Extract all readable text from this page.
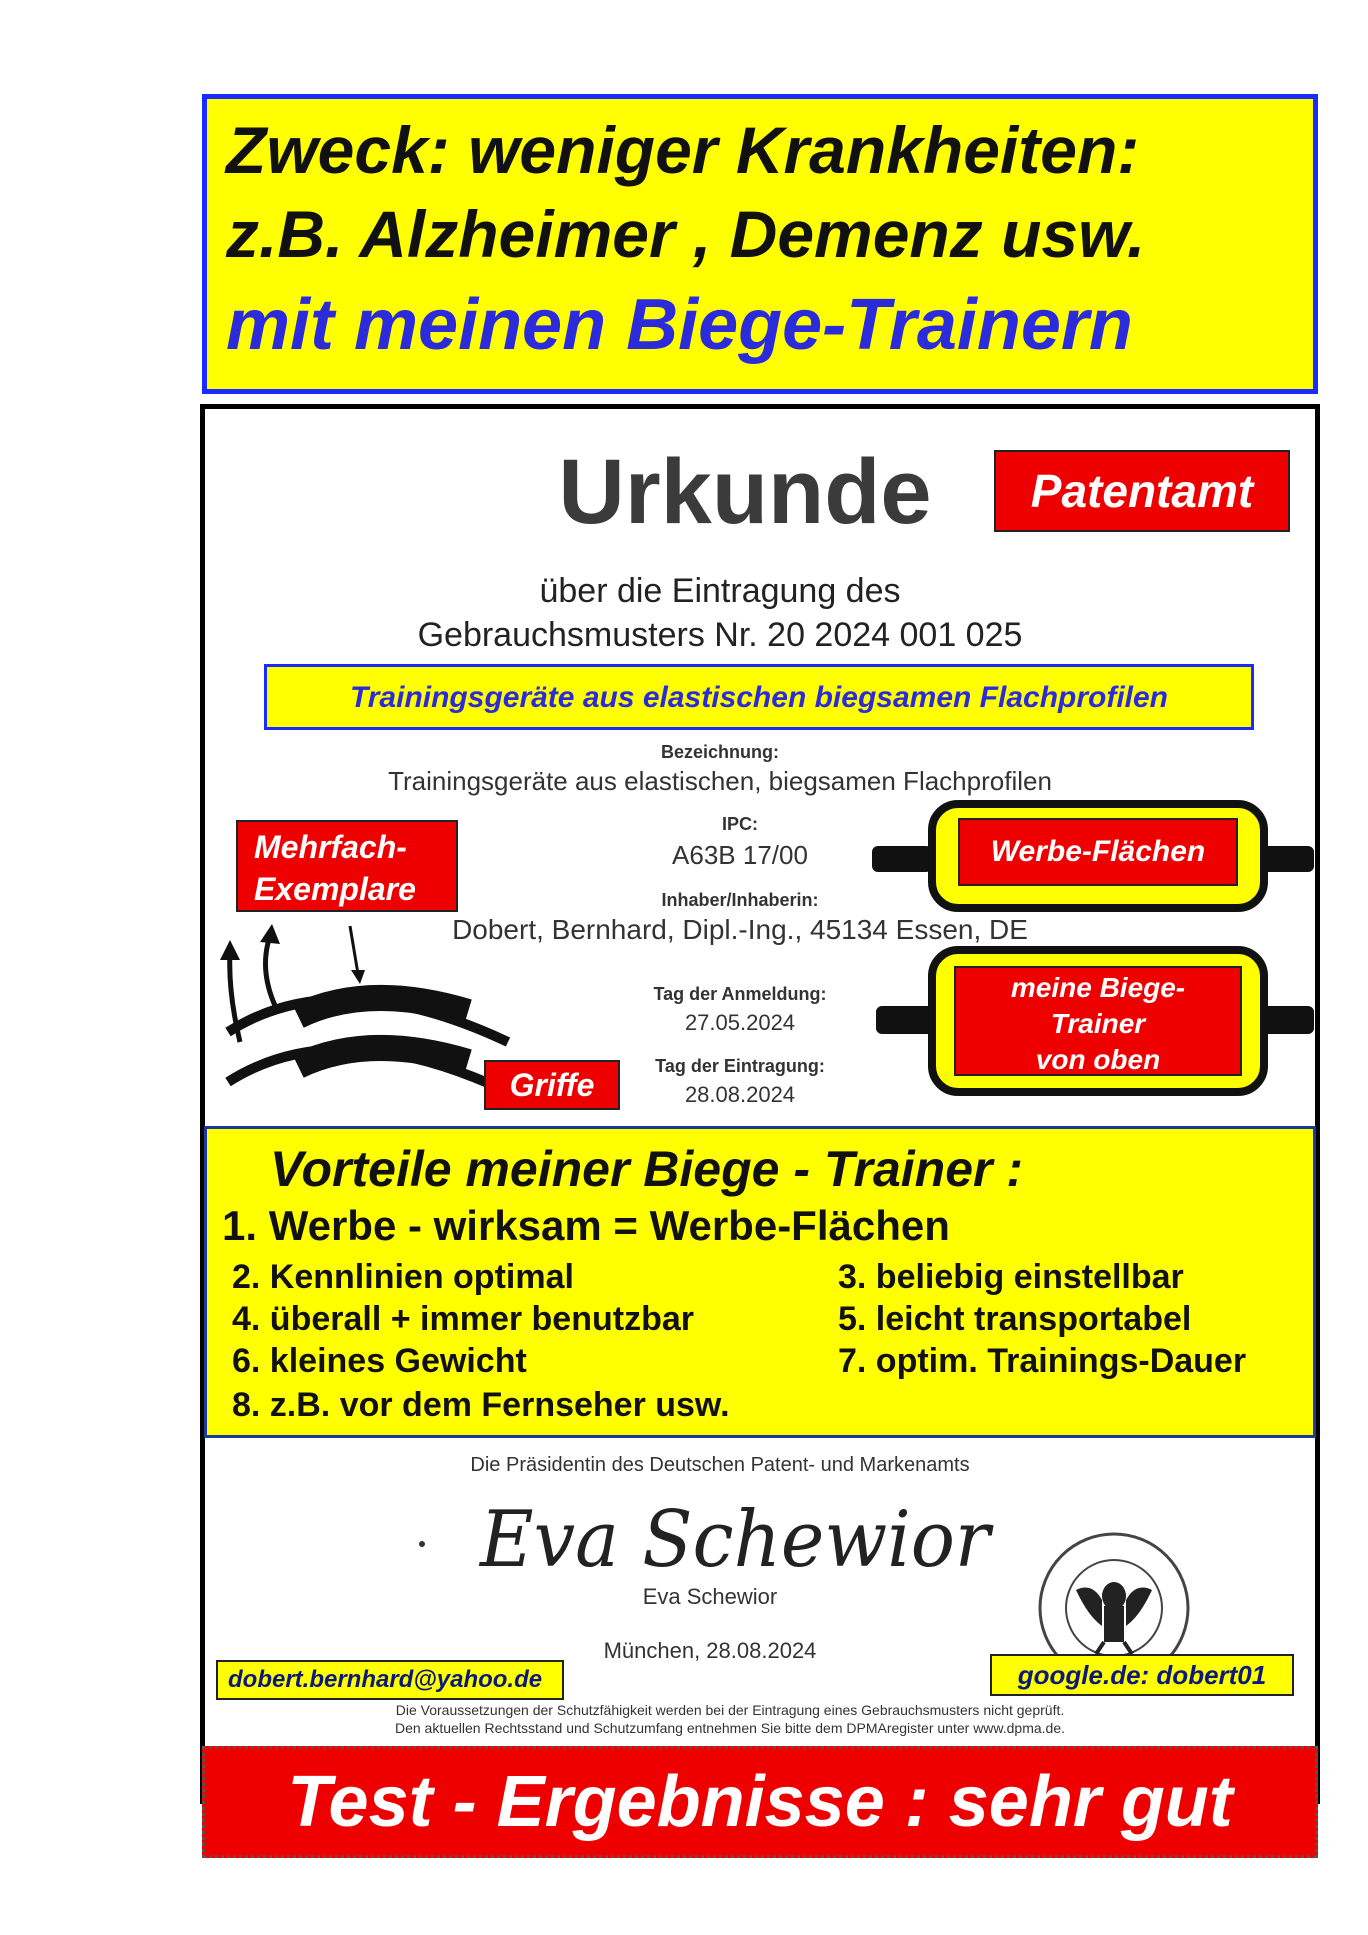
Zweck: weniger Krankheiten:
z.B. Alzheimer , Demenz usw.
mit meinen Biege-Trainern
Urkunde	Patentamt
über die Eintragung des
Gebrauchsmusters Nr. 20 2024 001 025
Trainingsgeräte aus elastischen biegsamen Flachprofilen
Bezeichnung:
Trainingsgeräte aus elastischen, biegsamen Flachprofilen
IPC:
A63B 17/00
Inhaber/Inhaberin:
Dobert, Bernhard, Dipl.-Ing., 45134 Essen, DE
Tag der Anmeldung:
27.05.2024
Tag der Eintragung:
28.08.2024
Mehrfach-
Exemplare
Griffe
Werbe-Flächen
meine Biege-
Trainer
von oben
Vorteile meiner Biege - Trainer :
1. Werbe - wirksam = Werbe-Flächen
2. Kennlinien optimal	3. beliebig einstellbar
4. überall + immer benutzbar	5. leicht transportabel
6. kleines Gewicht	7. optim. Trainings-Dauer
8. z.B. vor dem Fernseher usw.
Die Präsidentin des Deutschen Patent- und Markenamts
Eva Schewior
Eva Schewior
München, 28.08.2024
dobert.bernhard@yahoo.de	google.de: dobert01
Die Voraussetzungen der Schutzfähigkeit werden bei der Eintragung eines Gebrauchsmusters nicht geprüft.
Den aktuellen Rechtsstand und Schutzumfang entnehmen Sie bitte dem DPMAregister unter www.dpma.de.
Test - Ergebnisse : sehr gut
